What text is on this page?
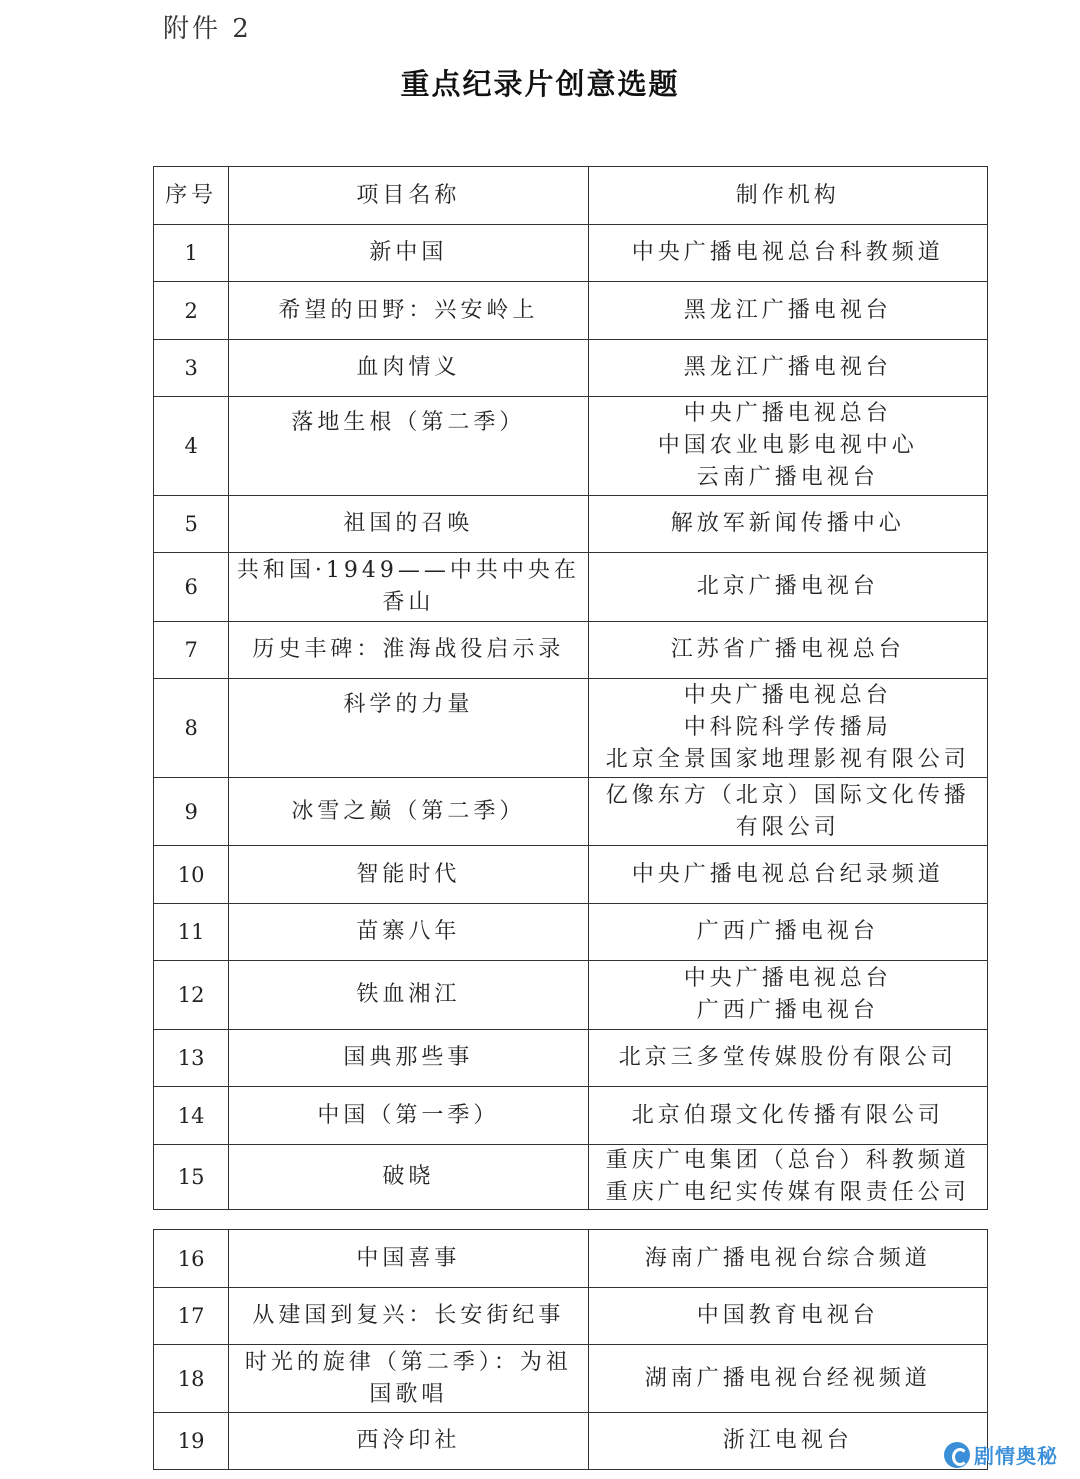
附件 2
重点纪录片创意选题
序号	项目名称	制作机构
1	新中国	中央广播电视总台科教频道
2	希望的田野：兴安岭上	黑龙江广播电视台
3	血肉情义	黑龙江广播电视台
4	落地生根（第二季）	中央广播电视总台
中国农业电影电视中心
云南广播电视台

5	祖国的召唤	解放军新闻传播中心
6	共和国·1949——中共中央在香山	北京广播电视台
7	历史丰碑：淮海战役启示录	江苏省广播电视总台
8	科学的力量	中央广播电视总台
中科院科学传播局
北京全景国家地理影视有限公司

9	冰雪之巅（第二季）	亿像东方（北京）国际文化传播有限公司
10	智能时代	中央广播电视总台纪录频道
11	苗寨八年	广西广播电视台
12	铁血湘江	中央广播电视总台
广西广播电视台

13	国典那些事	北京三多堂传媒股份有限公司
14	中国（第一季）	北京伯璟文化传播有限公司
15	破晓	重庆广电集团（总台）科教频道
重庆广电纪实传媒有限责任公司
16	中国喜事	海南广播电视台综合频道
17	从建国到复兴：长安街纪事	中国教育电视台
18	时光的旋律（第二季）：为祖国歌唱	湖南广播电视台经视频道
19	西泠印社	浙江电视台
剧情奥秘
